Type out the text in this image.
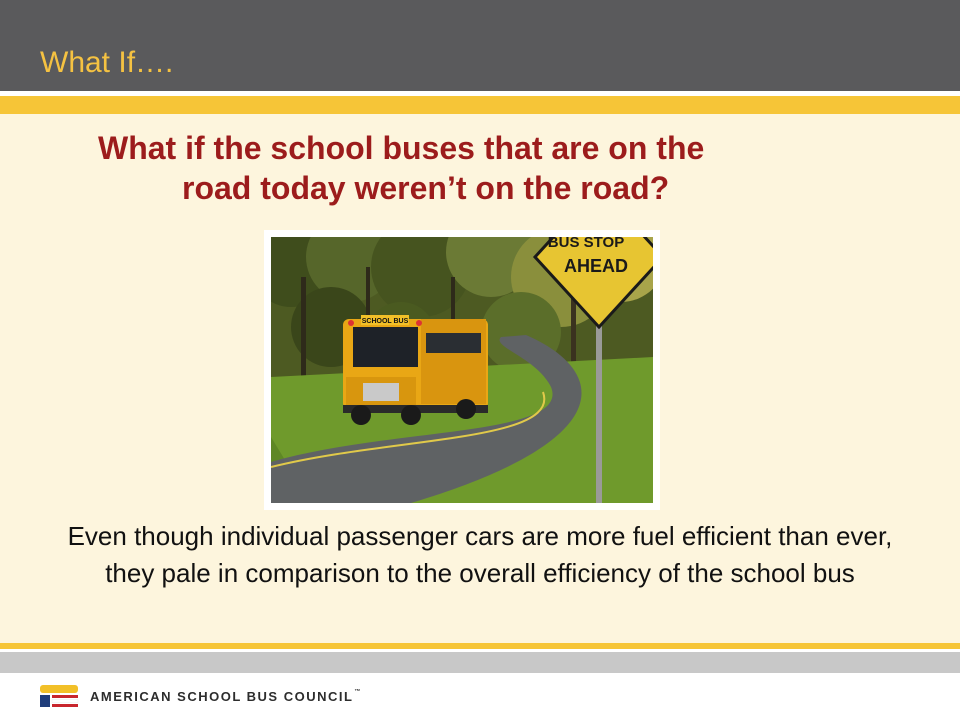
What If….
What if the school buses that are on the
road today weren’t on the road?
SCHOOL BUS
BUS STOP
AHEAD
Even though individual passenger cars are more fuel efficient than ever, they pale in comparison to the overall efficiency of the school bus
AMERICAN SCHOOL BUS COUNCIL™
